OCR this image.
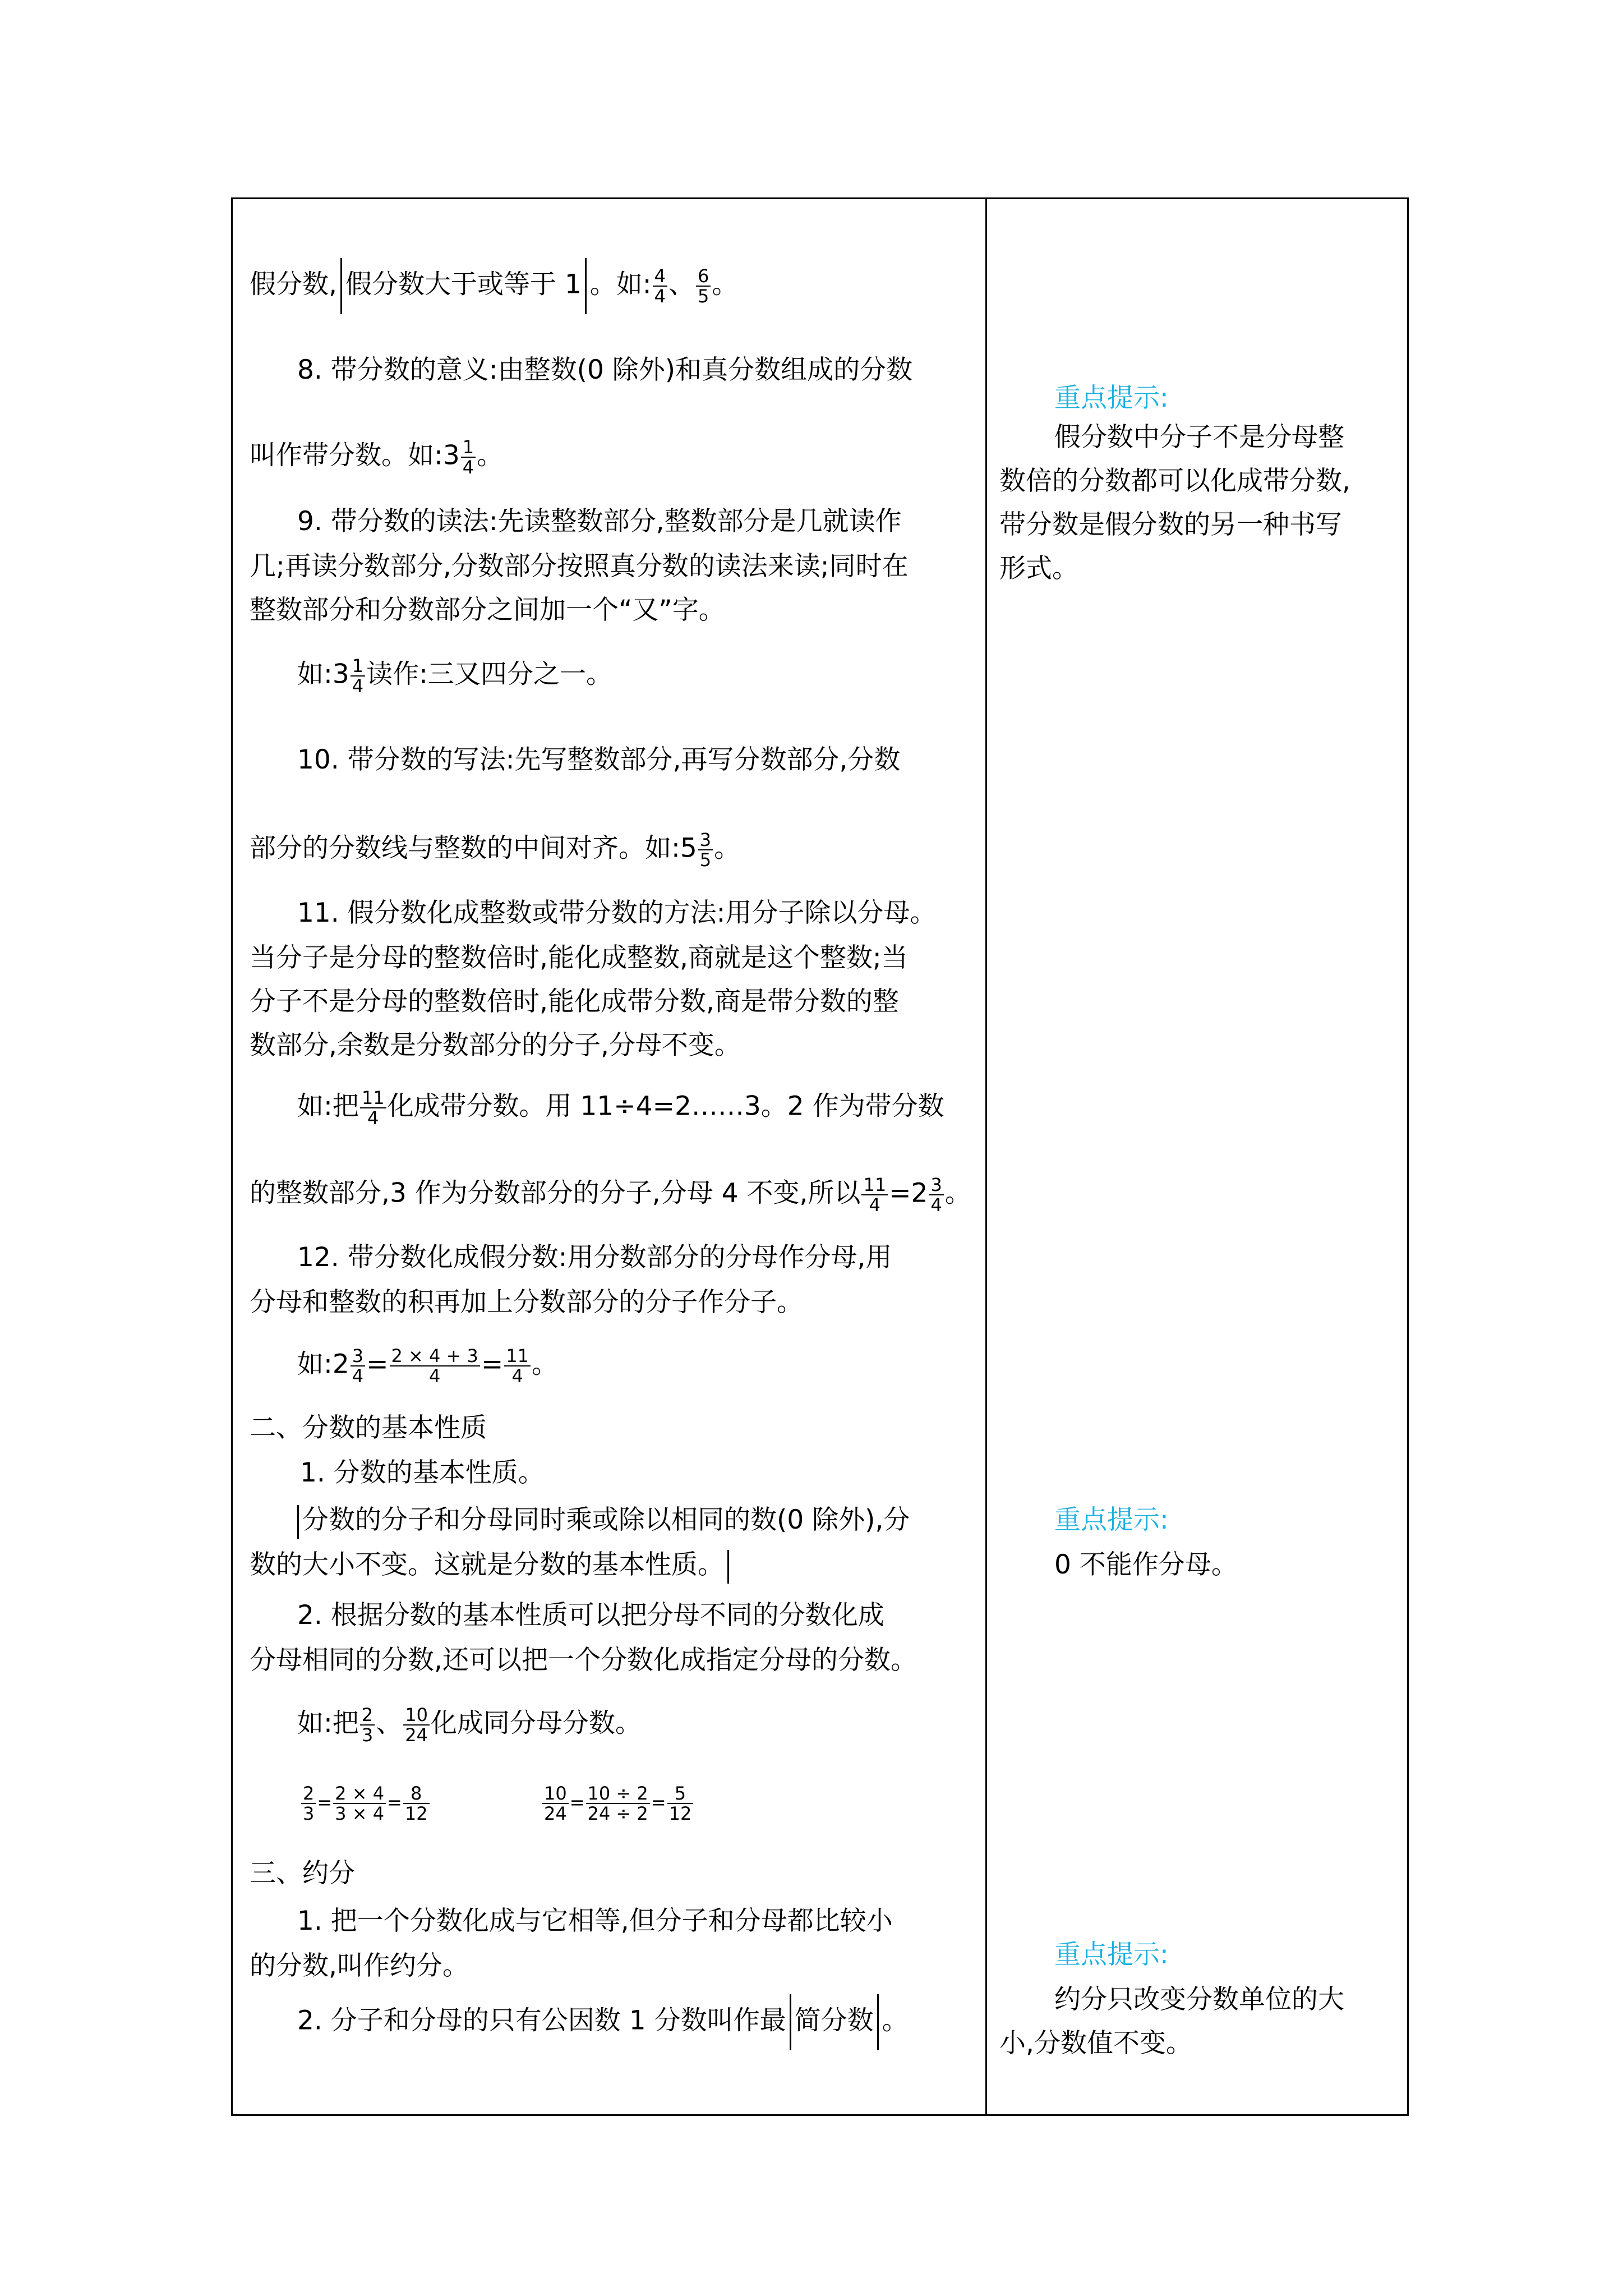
假分数, 假分数大于或等于 1 。如: $\frac{4}{4}$ 、 $\frac{6}{5}$ 。
8. 带分数的意义:由整数(0 除外)和真分数组成的分数
叫作带分数。如:3 $\frac{1}{4}$ 。
9. 带分数的读法:先读整数部分,整数部分是几就读作
几;再读分数部分,分数部分按照真分数的读法来读;同时在
整数部分和分数部分之间加一个“又”字。
如:3 $\frac{1}{4}$ 读作:三又四分之一。
10. 带分数的写法:先写整数部分,再写分数部分,分数
部分的分数线与整数的中间对齐。如:5 $\frac{3}{5}$ 。
11. 假分数化成整数或带分数的方法:用分子除以分母。
当分子是分母的整数倍时,能化成整数,商就是这个整数;当
分子不是分母的整数倍时,能化成带分数,商是带分数的整
数部分,余数是分数部分的分子,分母不变。
如:把 $\frac{11}{4}$ 化成带分数。用 11÷4=2……3。2 作为带分数
的整数部分,3 作为分数部分的分子,分母 4 不变,所以 $\frac{11}{4} =2 \frac{3}{4}$ 。
12. 带分数化成假分数:用分数部分的分母作分母,用
分母和整数的积再加上分数部分的分子作分子。
如:2 $\frac{3}{4} = \frac{2 \times 4 + 3}{4} = \frac{11}{4}$ 。
二、分数的基本性质
1. 分数的基本性质。
分数的分子和分母同时乘或除以相同的数(0 除外),分
数的大小不变。这就是分数的基本性质。
2. 根据分数的基本性质可以把分母不同的分数化成
分母相同的分数,还可以把一个分数化成指定分母的分数。
如:把 $\frac{2}{3}$ 、 $\frac{10}{24}$ 化成同分母分数。
$\frac{2}{3} = \frac{2 \times 4}{3 \times 4} = \frac{8}{12}$	$\frac{10}{24} = \frac{10 \div 2}{24 \div 2} = \frac{5}{12}$
三、约分
1. 把一个分数化成与它相等,但分子和分母都比较小
的分数,叫作约分。
2. 分子和分母的只有公因数 1 分数叫作最 简分数 。
重点提示:
假分数中分子不是分母整
数倍的分数都可以化成带分数,
带分数是假分数的另一种书写
形式。
重点提示:
0 不能作分母。
重点提示:
约分只改变分数单位的大
小,分数值不变。
